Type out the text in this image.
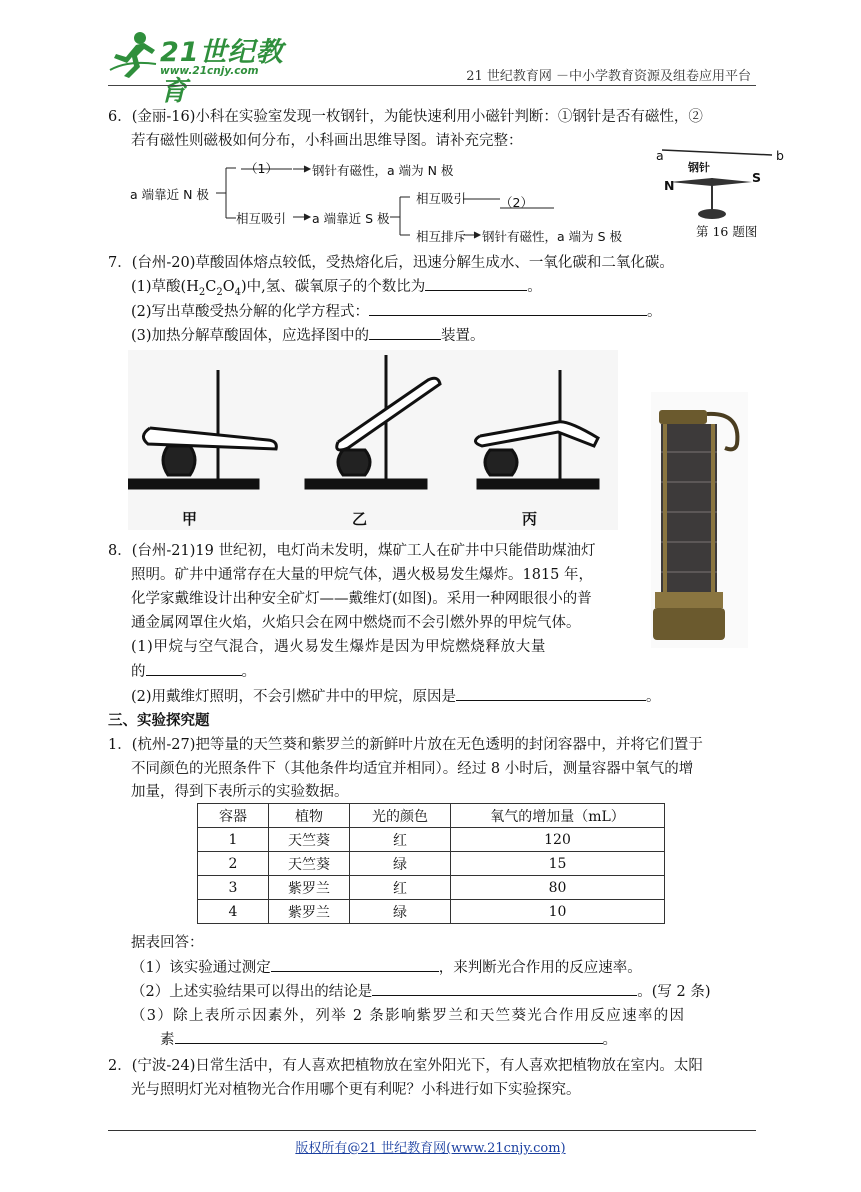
21世纪教育
www.21cnjy.com	21 世纪教育网 －中小学教育资源及组卷应用平台
6．(金丽-16)小科在实验室发现一枚钢针，为能快速利用小磁针判断：①钢针是否有磁性，②
若有磁性则磁极如何分布，小科画出思维导图。请补充完整：
a 端靠近 N 极
（1）	钢针有磁性，a 端为 N 极
相互吸引 a 端靠近 S 极
相互吸引	（2）
相互排斥 钢针有磁性，a 端为 S 极
a	b
钢针
N
S
第 16 题图
7．(台州-20)草酸固体熔点较低，受热熔化后，迅速分解生成水、一氧化碳和二氧化碳。
(1)草酸$(H_2C_2O_4)$中,氢、碳氧原子的个数比为	。
(2)写出草酸受热分解的化学方程式：	。
(3)加热分解草酸固体，应选择图中的	装置。
甲	乙	丙
8．(台州-21)19 世纪初，电灯尚未发明，煤矿工人在矿井中只能借助煤油灯
照明。矿井中通常存在大量的甲烷气体，遇火极易发生爆炸。1815 年，
化学家戴维设计出种安全矿灯——戴维灯(如图)。采用一种网眼很小的普
通金属网罩住火焰，火焰只会在网中燃烧而不会引燃外界的甲烷气体。
(1)甲烷与空气混合，遇火易发生爆炸是因为甲烷燃烧释放大量
的	。
(2)用戴维灯照明，不会引燃矿井中的甲烷，原因是	。
三、实验探究题
1．(杭州-27)把等量的天竺葵和紫罗兰的新鲜叶片放在无色透明的封闭容器中，并将它们置于
不同颜色的光照条件下（其他条件均适宜并相同）。经过 8 小时后，测量容器中氧气的增
加量，得到下表所示的实验数据。
容器	植物	光的颜色	氧气的增加量（mL）
1	天竺葵	红	120
2	天竺葵	绿	15
3	紫罗兰	红	80
4	紫罗兰	绿	10
据表回答：
（1）该实验通过测定	，来判断光合作用的反应速率。
（2）上述实验结果可以得出的结论是	。(写 2 条)
（3）除上表所示因素外，列举 2 条影响紫罗兰和天竺葵光合作用反应速率的因
素	。
2．(宁波-24)日常生活中，有人喜欢把植物放在室外阳光下，有人喜欢把植物放在室内。太阳
光与照明灯光对植物光合作用哪个更有利呢？小科进行如下实验探究。
版权所有@21 世纪教育网(www.21cnjy.com)
